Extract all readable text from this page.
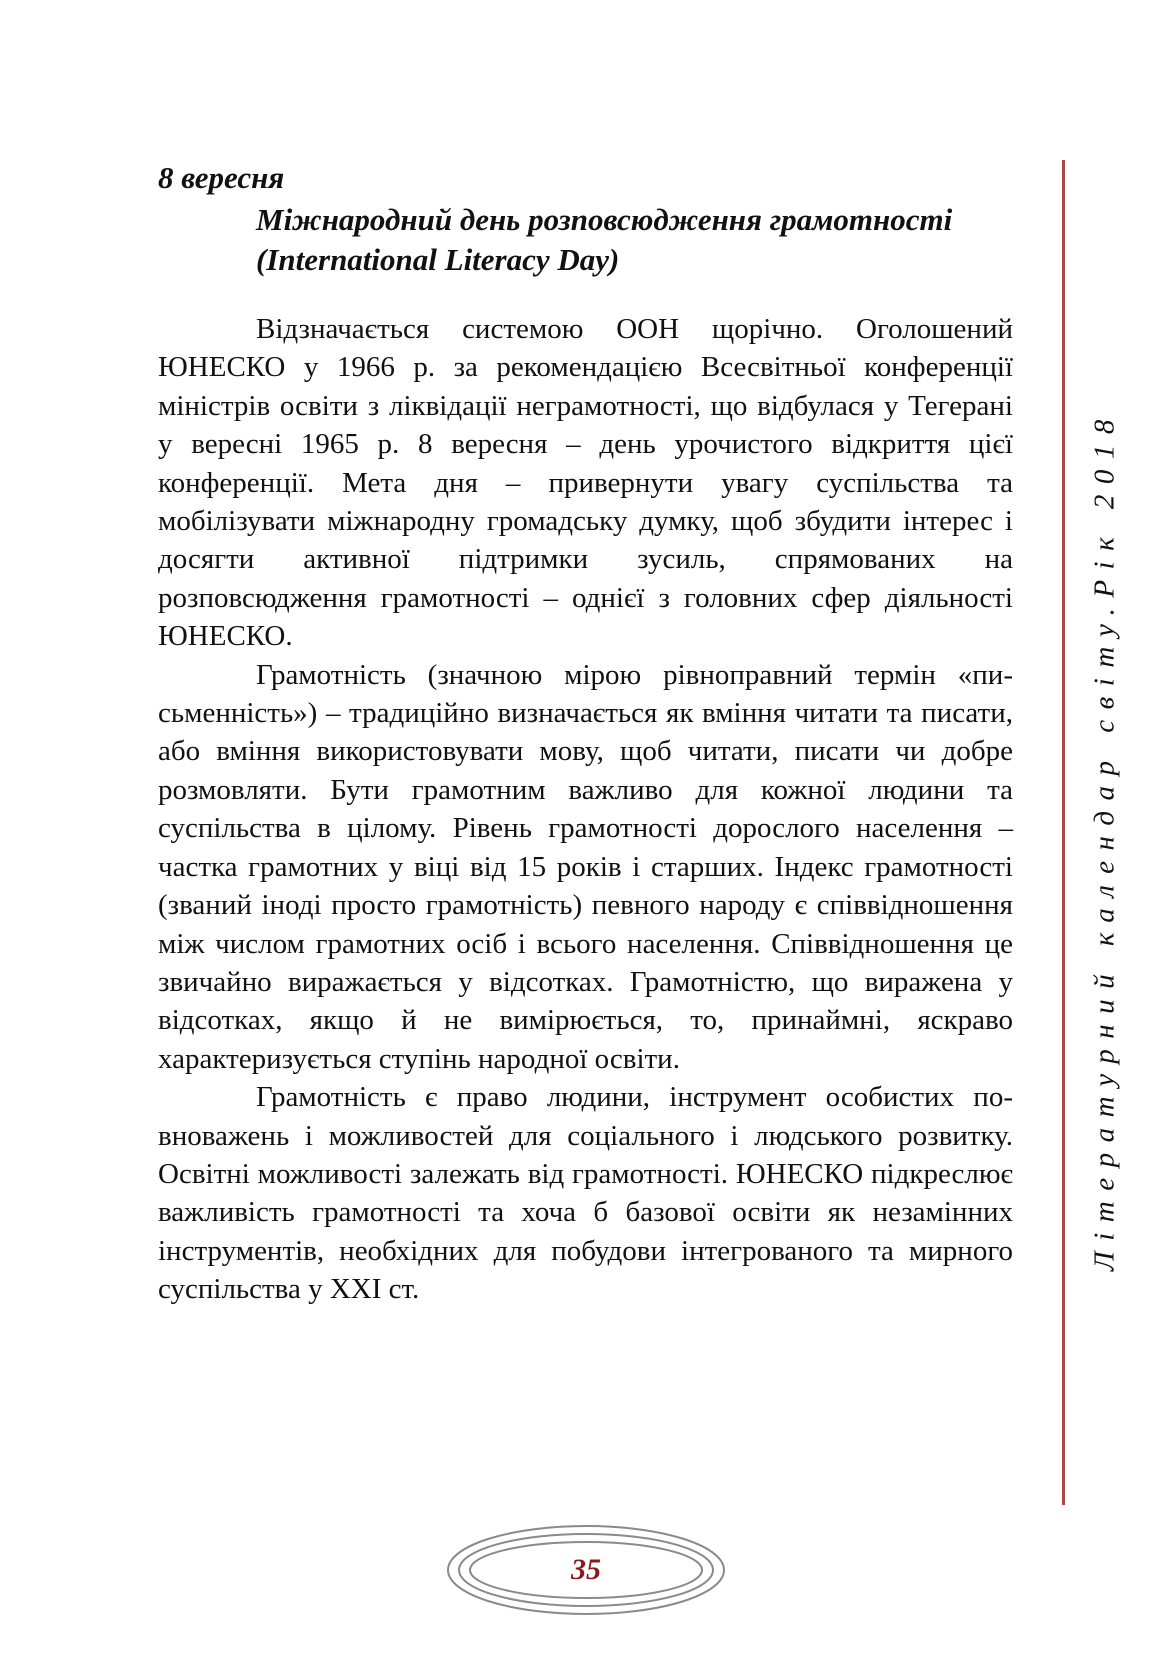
8 вересня
Міжнародний день розповсюдження грамотності
(International Literacy Day)

Відзначається системою ООН щорічно. Оголошений ЮНЕСКО у 1966 р. за рекомендацією Всесвітньої конференції міністрів освіти з ліквідації неграмотності, що відбулася у Тегерані у вересні 1965 р. 8 вересня – день урочистого відкриття цієї конференції. Мета дня – привернути увагу суспільства та мобілізувати міжнародну громадську думку, щоб збудити інтерес і досягти активної підтримки зусиль, спрямованих на розповсюдження грамотності – однієї з головних сфер діяльності ЮНЕСКО.

Грамотність (значною мірою рівноправний термін «письменність») – традиційно визначається як вміння читати та писати, або вміння використовувати мову, щоб читати, писати чи добре розмовляти. Бути грамотним важливо для кожної людини та суспільства в цілому. Рівень грамотності дорослого населення – частка грамотних у віці від 15 років і старших. Індекс грамотності (званий іноді просто грамотність) певного народу є співвідношення між числом грамотних осіб і всього населення. Співвідношення це звичайно виражається у відсотках. Грамотністю, що виражена у відсотках, якщо й не вимірюється, то, принаймні, яскраво характеризується ступінь народної освіти.

Грамотність є право людини, інструмент особистих повноважень і можливостей для соціального і людського розвитку. Освітні можливості залежать від грамотності. ЮНЕСКО підкреслює важливість грамотності та хоча б базової освіти як незамінних інструментів, необхідних для побудови інтегрованого та мирного суспільства у XXI ст.

Літературний календар світу.Рік 2018
35
